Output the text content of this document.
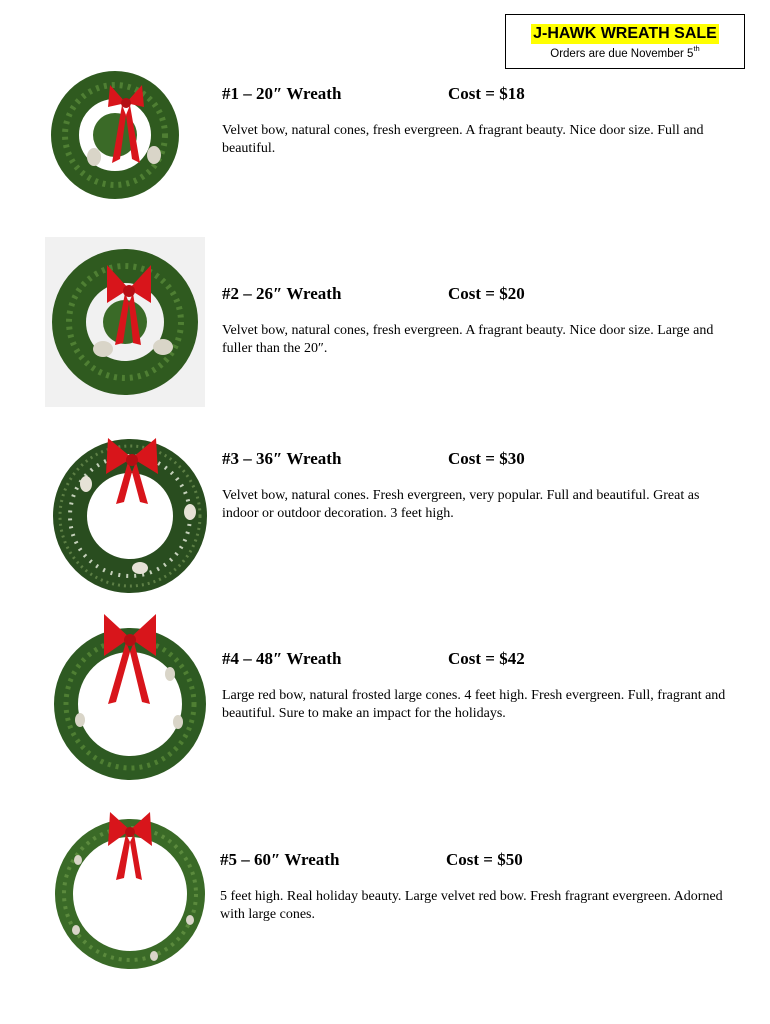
J-HAWK WREATH SALE
Orders are due November 5th
#1 – 20″ Wreath	Cost = $18
Velvet bow, natural cones, fresh evergreen. A fragrant beauty. Nice door size. Full and beautiful.
#2 – 26″ Wreath	Cost = $20
Velvet bow, natural cones, fresh evergreen. A fragrant beauty. Nice door size. Large and fuller than the 20″.
#3 – 36″ Wreath	Cost = $30
Velvet bow, natural cones. Fresh evergreen, very popular. Full and beautiful. Great as indoor or outdoor decoration. 3 feet high.
#4 – 48″ Wreath	Cost = $42
Large red bow, natural frosted large cones. 4 feet high. Fresh evergreen. Full, fragrant and beautiful. Sure to make an impact for the holidays.
#5 – 60″ Wreath	Cost = $50
5 feet high. Real holiday beauty. Large velvet red bow. Fresh fragrant evergreen. Adorned with large cones.
